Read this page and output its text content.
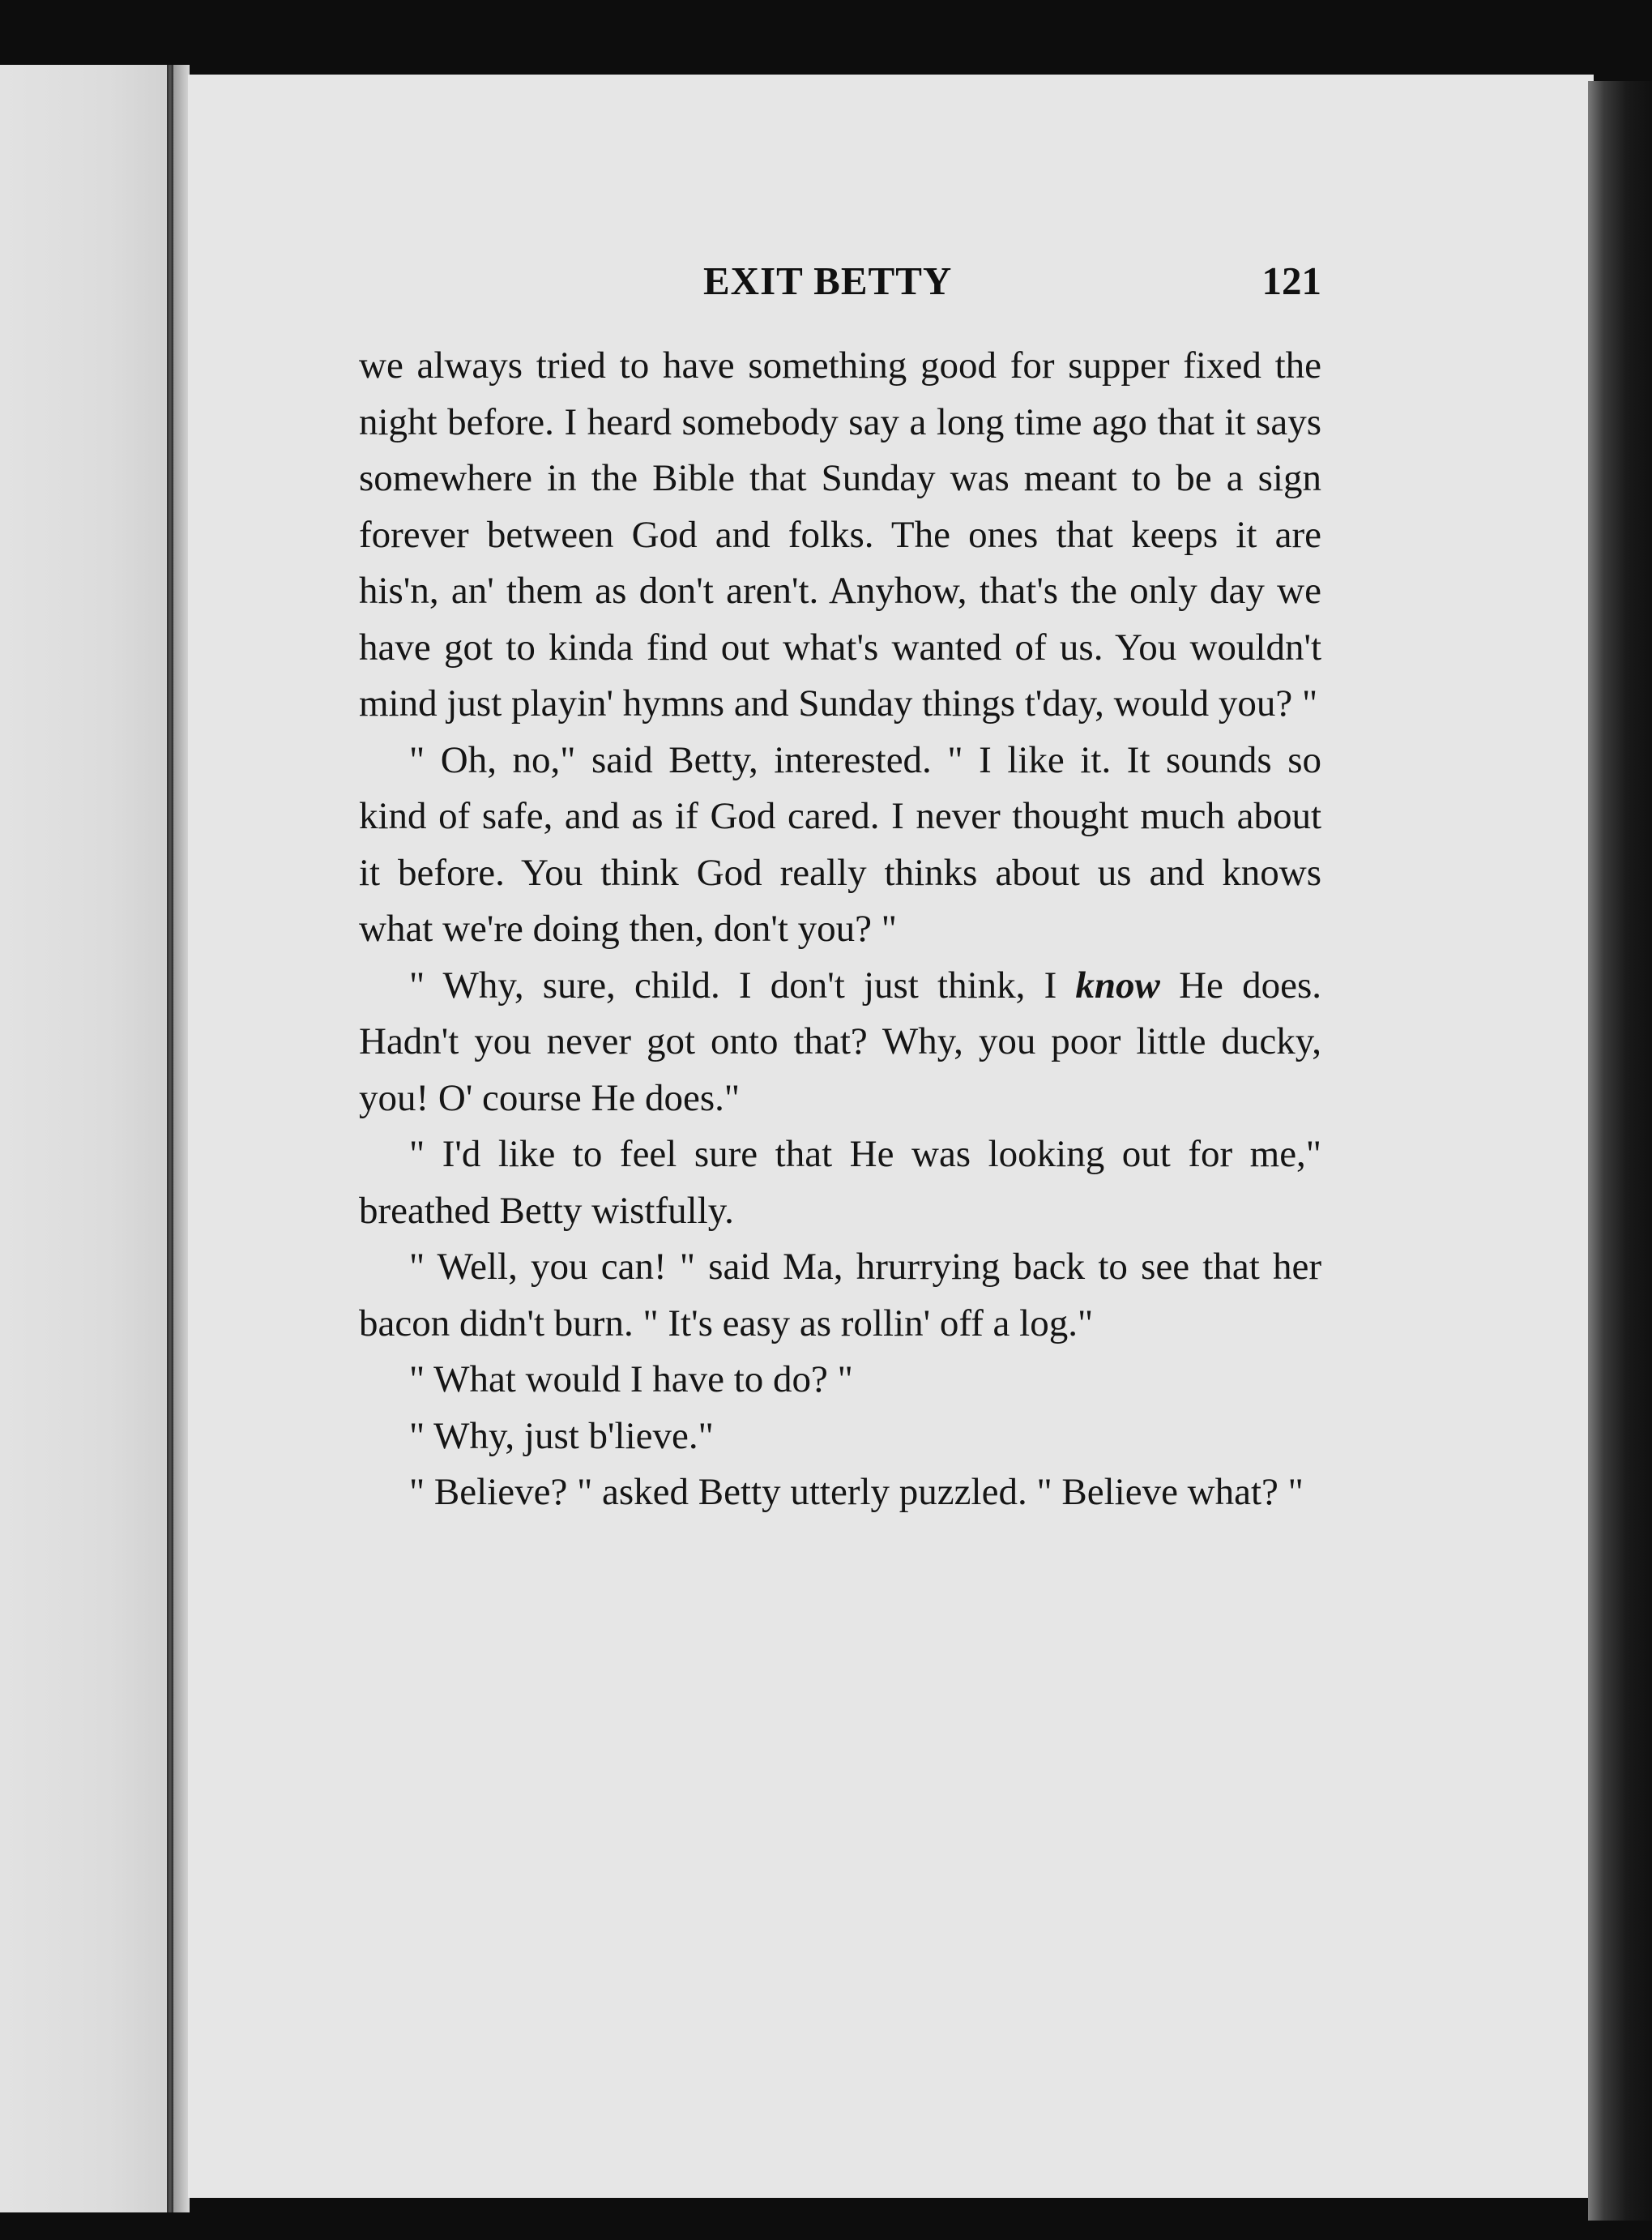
EXIT BETTY	121

we always tried to have something good for supper fixed the night before. I heard somebody say a long time ago that it says somewhere in the Bible that Sunday was meant to be a sign forever between God and folks. The ones that keeps it are his'n, an' them as don't aren't. Anyhow, that's the only day we have got to kinda find out what's wanted of us. You wouldn't mind just playin' hymns and Sunday things t'day, would you? "

" Oh, no," said Betty, interested. " I like it. It sounds so kind of safe, and as if God cared. I never thought much about it before. You think God really thinks about us and knows what we're doing then, don't you? "

" Why, sure, child. I don't just think, I know He does. Hadn't you never got onto that? Why, you poor little ducky, you! O' course He does."

" I'd like to feel sure that He was looking out for me," breathed Betty wistfully.

" Well, you can! " said Ma, hrurrying back to see that her bacon didn't burn. " It's easy as rollin' off a log."

" What would I have to do? "

" Why, just b'lieve."

" Believe? " asked Betty utterly puzzled. " Believe what? "
